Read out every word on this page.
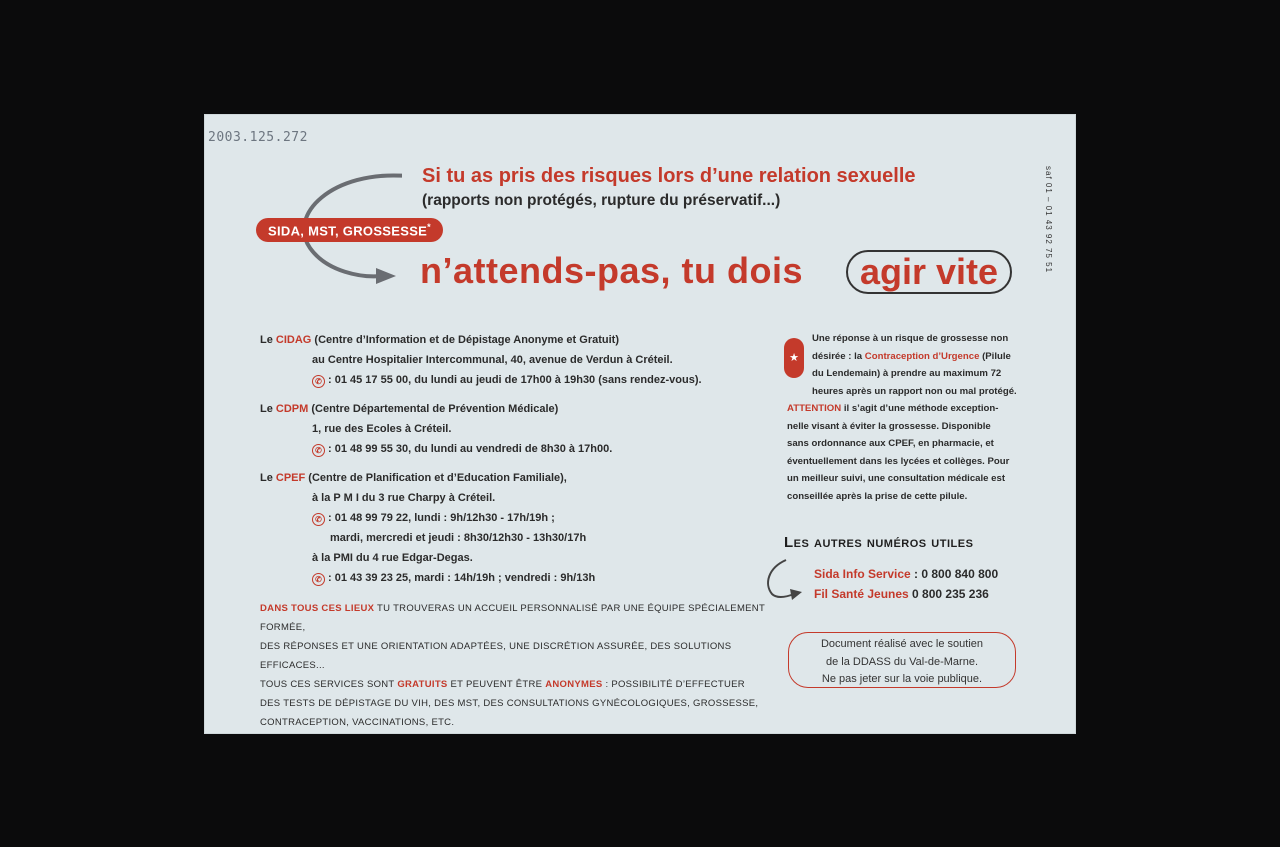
2003.125.272
saf 01 – 01 43 92 75 51
Si tu as pris des risques lors d’une relation sexuelle
(rapports non protégés, rupture du préservatif...)
SIDA, MST, GROSSESSE*
n’attends-pas, tu dois	agir vite
Le CIDAG (Centre d’Information et de Dépistage Anonyme et Gratuit)
au Centre Hospitalier Intercommunal, 40, avenue de Verdun à Créteil.
✆ : 01 45 17 55 00, du lundi au jeudi de 17h00 à 19h30 (sans rendez-vous).
Le CDPM (Centre Départemental de Prévention Médicale)
1, rue des Ecoles à Créteil.
✆ : 01 48 99 55 30, du lundi au vendredi de 8h30 à 17h00.
Le CPEF (Centre de Planification et d’Education Familiale),
à la P M I du 3 rue Charpy à Créteil.
✆ : 01 48 99 79 22, lundi : 9h/12h30 - 17h/19h ;
mardi, mercredi et jeudi : 8h30/12h30 - 13h30/17h
à la PMI du 4 rue Edgar-Degas.
✆ : 01 43 39 23 25, mardi : 14h/19h ; vendredi : 9h/13h
DANS TOUS CES LIEUX TU TROUVERAS UN ACCUEIL PERSONNALISÉ PAR UNE ÉQUIPE SPÉCIALEMENT FORMÉE,
DES RÉPONSES ET UNE ORIENTATION ADAPTÉES, UNE DISCRÉTION ASSURÉE, DES SOLUTIONS EFFICACES...
TOUS CES SERVICES SONT GRATUITS ET PEUVENT ÊTRE ANONYMES : POSSIBILITÉ D’EFFECTUER
DES TESTS DE DÉPISTAGE DU VIH, DES MST, DES CONSULTATIONS GYNÉCOLOGIQUES, GROSSESSE,
CONTRACEPTION, VACCINATIONS, ETC.
★
Une réponse à un risque de grossesse non
désirée : la Contraception d’Urgence (Pilule
du Lendemain) à prendre au maximum 72
heures après un rapport non ou mal protégé.
ATTENTION il s’agit d’une méthode exception-
nelle visant à éviter la grossesse. Disponible
sans ordonnance aux CPEF, en pharmacie, et
éventuellement dans les lycées et collèges. Pour
un meilleur suivi, une consultation médicale est
conseillée après la prise de cette pilule.
Les autres numéros utiles
Sida Info Service : 0 800 840 800
Fil Santé Jeunes 0 800 235 236
Document réalisé avec le soutien
de la DDASS du Val-de-Marne.
Ne pas jeter sur la voie publique.
